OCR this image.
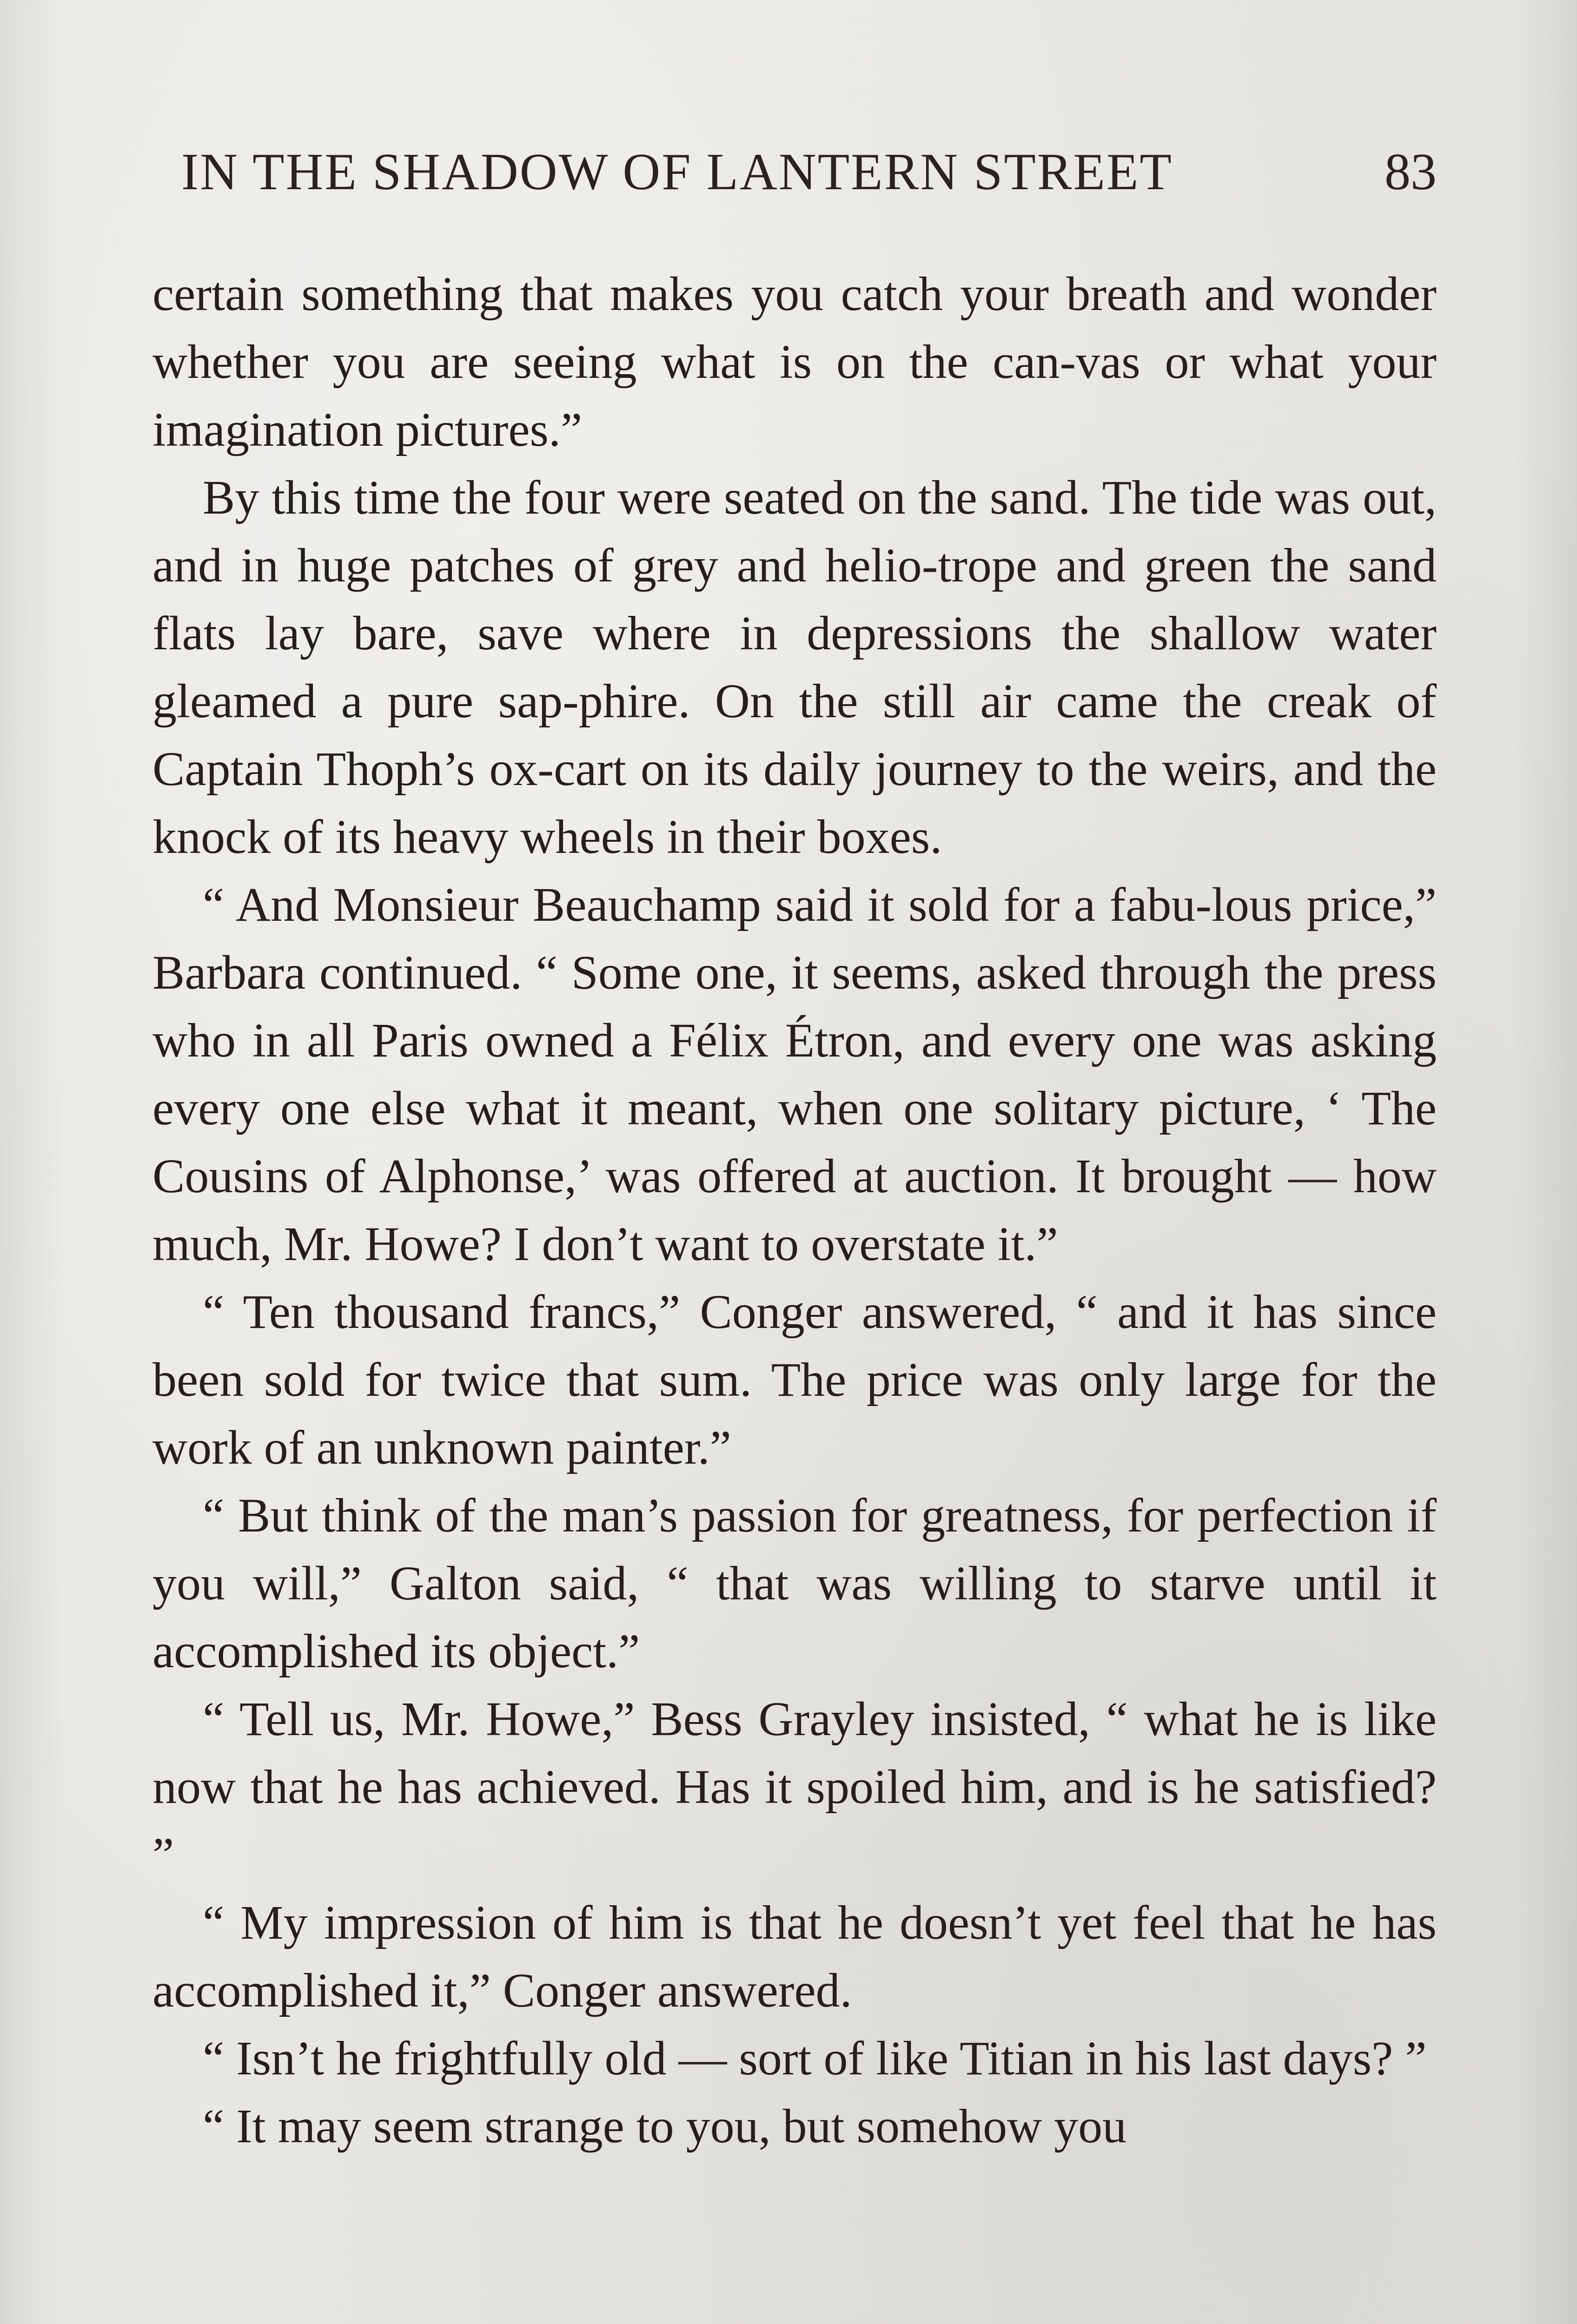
IN THE SHADOW OF LANTERN STREET	83

certain something that makes you catch your breath and wonder whether you are seeing what is on the can-vas or what your imagination pictures.”

By this time the four were seated on the sand. The tide was out, and in huge patches of grey and helio-trope and green the sand flats lay bare, save where in depressions the shallow water gleamed a pure sap-phire. On the still air came the creak of Captain Thoph’s ox-cart on its daily journey to the weirs, and the knock of its heavy wheels in their boxes.

“ And Monsieur Beauchamp said it sold for a fabu-lous price,” Barbara continued. “ Some one, it seems, asked through the press who in all Paris owned a Félix Étron, and every one was asking every one else what it meant, when one solitary picture, ‘ The Cousins of Alphonse,’ was offered at auction. It brought — how much, Mr. Howe? I don’t want to overstate it.”

“ Ten thousand francs,” Conger answered, “ and it has since been sold for twice that sum. The price was only large for the work of an unknown painter.”

“ But think of the man’s passion for greatness, for perfection if you will,” Galton said, “ that was willing to starve until it accomplished its object.”

“ Tell us, Mr. Howe,” Bess Grayley insisted, “ what he is like now that he has achieved. Has it spoiled him, and is he satisfied? ”

“ My impression of him is that he doesn’t yet feel that he has accomplished it,” Conger answered.

“ Isn’t he frightfully old — sort of like Titian in his last days? ”

“ It may seem strange to you, but somehow you
